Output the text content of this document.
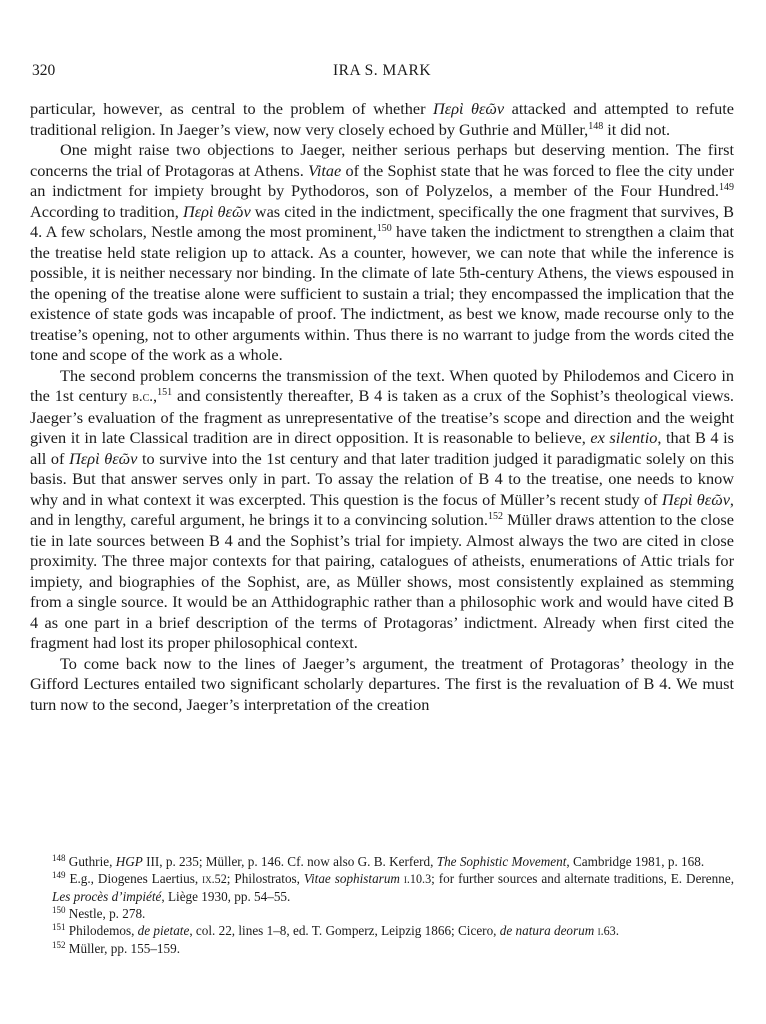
320	IRA S. MARK

particular, however, as central to the problem of whether Περὶ θεῶν attacked and attempted to refute traditional religion. In Jaeger’s view, now very closely echoed by Guthrie and Müller,$^{148}$ it did not.

One might raise two objections to Jaeger, neither serious perhaps but deserving mention. The first concerns the trial of Protagoras at Athens. Vitae of the Sophist state that he was forced to flee the city under an indictment for impiety brought by Pythodoros, son of Polyzelos, a member of the Four Hundred.$^{149}$ According to tradition, Περὶ θεῶν was cited in the indictment, specifically the one fragment that survives, B 4. A few scholars, Nestle among the most prominent,$^{150}$ have taken the indictment to strengthen a claim that the treatise held state religion up to attack. As a counter, however, we can note that while the inference is possible, it is neither necessary nor binding. In the climate of late 5th-century Athens, the views espoused in the opening of the treatise alone were sufficient to sustain a trial; they encompassed the implication that the existence of state gods was incapable of proof. The indictment, as best we know, made recourse only to the treatise’s opening, not to other arguments within. Thus there is no warrant to judge from the words cited the tone and scope of the work as a whole.

The second problem concerns the transmission of the text. When quoted by Philodemos and Cicero in the 1st century b.c.,$^{151}$ and consistently thereafter, B 4 is taken as a crux of the Sophist’s theological views. Jaeger’s evaluation of the fragment as unrepresentative of the treatise’s scope and direction and the weight given it in late Classical tradition are in direct opposition. It is reasonable to believe, ex silentio, that B 4 is all of Περὶ θεῶν to survive into the 1st century and that later tradition judged it paradigmatic solely on this basis. But that answer serves only in part. To assay the relation of B 4 to the treatise, one needs to know why and in what context it was excerpted. This question is the focus of Müller’s recent study of Περὶ θεῶν, and in lengthy, careful argument, he brings it to a convincing solution.$^{152}$ Müller draws attention to the close tie in late sources between B 4 and the Sophist’s trial for impiety. Almost always the two are cited in close proximity. The three major contexts for that pairing, catalogues of atheists, enumerations of Attic trials for impiety, and biographies of the Sophist, are, as Müller shows, most consistently explained as stemming from a single source. It would be an Atthidographic rather than a philosophic work and would have cited B 4 as one part in a brief description of the terms of Protagoras’ indictment. Already when first cited the fragment had lost its proper philosophical context.

To come back now to the lines of Jaeger’s argument, the treatment of Protagoras’ theology in the Gifford Lectures entailed two significant scholarly departures. The first is the revaluation of B 4. We must turn now to the second, Jaeger’s interpretation of the creation

$^{148}$ Guthrie, HGP III, p. 235; Müller, p. 146. Cf. now also G. B. Kerferd, The Sophistic Movement, Cambridge 1981, p. 168.

$^{149}$ E.g., Diogenes Laertius, ix.52; Philostratos, Vitae sophistarum i.10.3; for further sources and alternate traditions, E. Derenne, Les procès d’impiété, Liège 1930, pp. 54–55.

$^{150}$ Nestle, p. 278.

$^{151}$ Philodemos, de pietate, col. 22, lines 1–8, ed. T. Gomperz, Leipzig 1866; Cicero, de natura deorum i.63.

$^{152}$ Müller, pp. 155–159.
